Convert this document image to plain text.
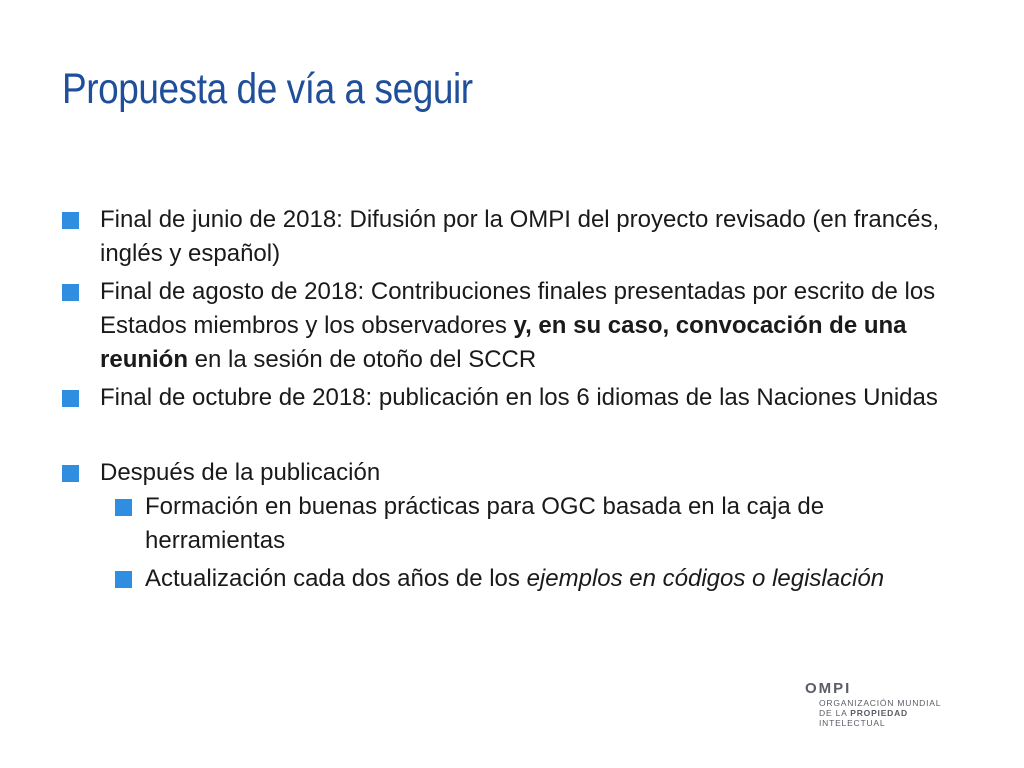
Propuesta de vía a seguir
Final de junio de 2018: Difusión por la OMPI del proyecto revisado (en francés, inglés y español)
Final de agosto de 2018: Contribuciones finales presentadas por escrito de los Estados miembros y los observadores y, en su caso, convocación de una reunión en la sesión de otoño del SCCR
Final de octubre de 2018: publicación en los 6 idiomas de las Naciones Unidas
Después de la publicación
Formación en buenas prácticas para OGC basada en la caja de herramientas
Actualización cada dos años de los ejemplos en códigos o legislación
OMPI
ORGANIZACIÓN MUNDIAL
DE LA PROPIEDAD
INTELECTUAL
